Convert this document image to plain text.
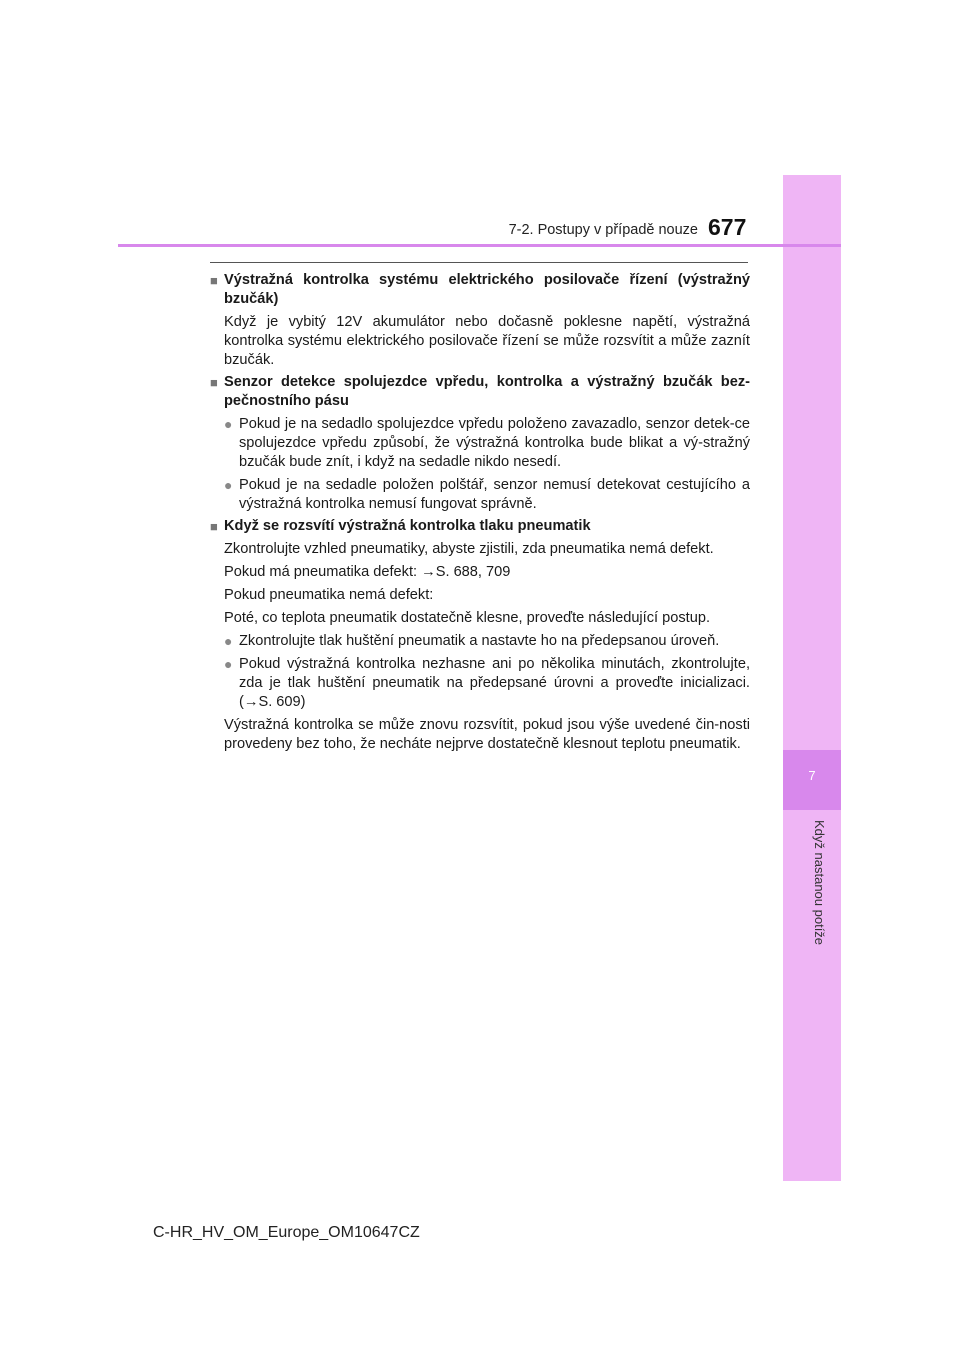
7
Když nastanou potíže
7-2. Postupy v případě nouze 677
■ Výstražná kontrolka systému elektrického posilovače řízení (výstražný bzučák)
Když je vybitý 12V akumulátor nebo dočasně poklesne napětí, výstražná kontrolka systému elektrického posilovače řízení se může rozsvítit a může zaznít bzučák.
■ Senzor detekce spolujezdce vpředu, kontrolka a výstražný bzučák bez-pečnostního pásu
● Pokud je na sedadlo spolujezdce vpředu položeno zavazadlo, senzor detek-ce spolujezdce vpředu způsobí, že výstražná kontrolka bude blikat a vý-stražný bzučák bude znít, i když na sedadle nikdo nesedí.
● Pokud je na sedadle položen polštář, senzor nemusí detekovat cestujícího a výstražná kontrolka nemusí fungovat správně.
■ Když se rozsvítí výstražná kontrolka tlaku pneumatik
Zkontrolujte vzhled pneumatiky, abyste zjistili, zda pneumatika nemá defekt.
Pokud má pneumatika defekt: →S. 688, 709
Pokud pneumatika nemá defekt:
Poté, co teplota pneumatik dostatečně klesne, proveďte následující postup.
● Zkontrolujte tlak huštění pneumatik a nastavte ho na předepsanou úroveň.
● Pokud výstražná kontrolka nezhasne ani po několika minutách, zkontrolujte, zda je tlak huštění pneumatik na předepsané úrovni a proveďte inicializaci. (→S. 609)
Výstražná kontrolka se může znovu rozsvítit, pokud jsou výše uvedené čin-nosti provedeny bez toho, že necháte nejprve dostatečně klesnout teplotu pneumatik.
C-HR_HV_OM_Europe_OM10647CZ
